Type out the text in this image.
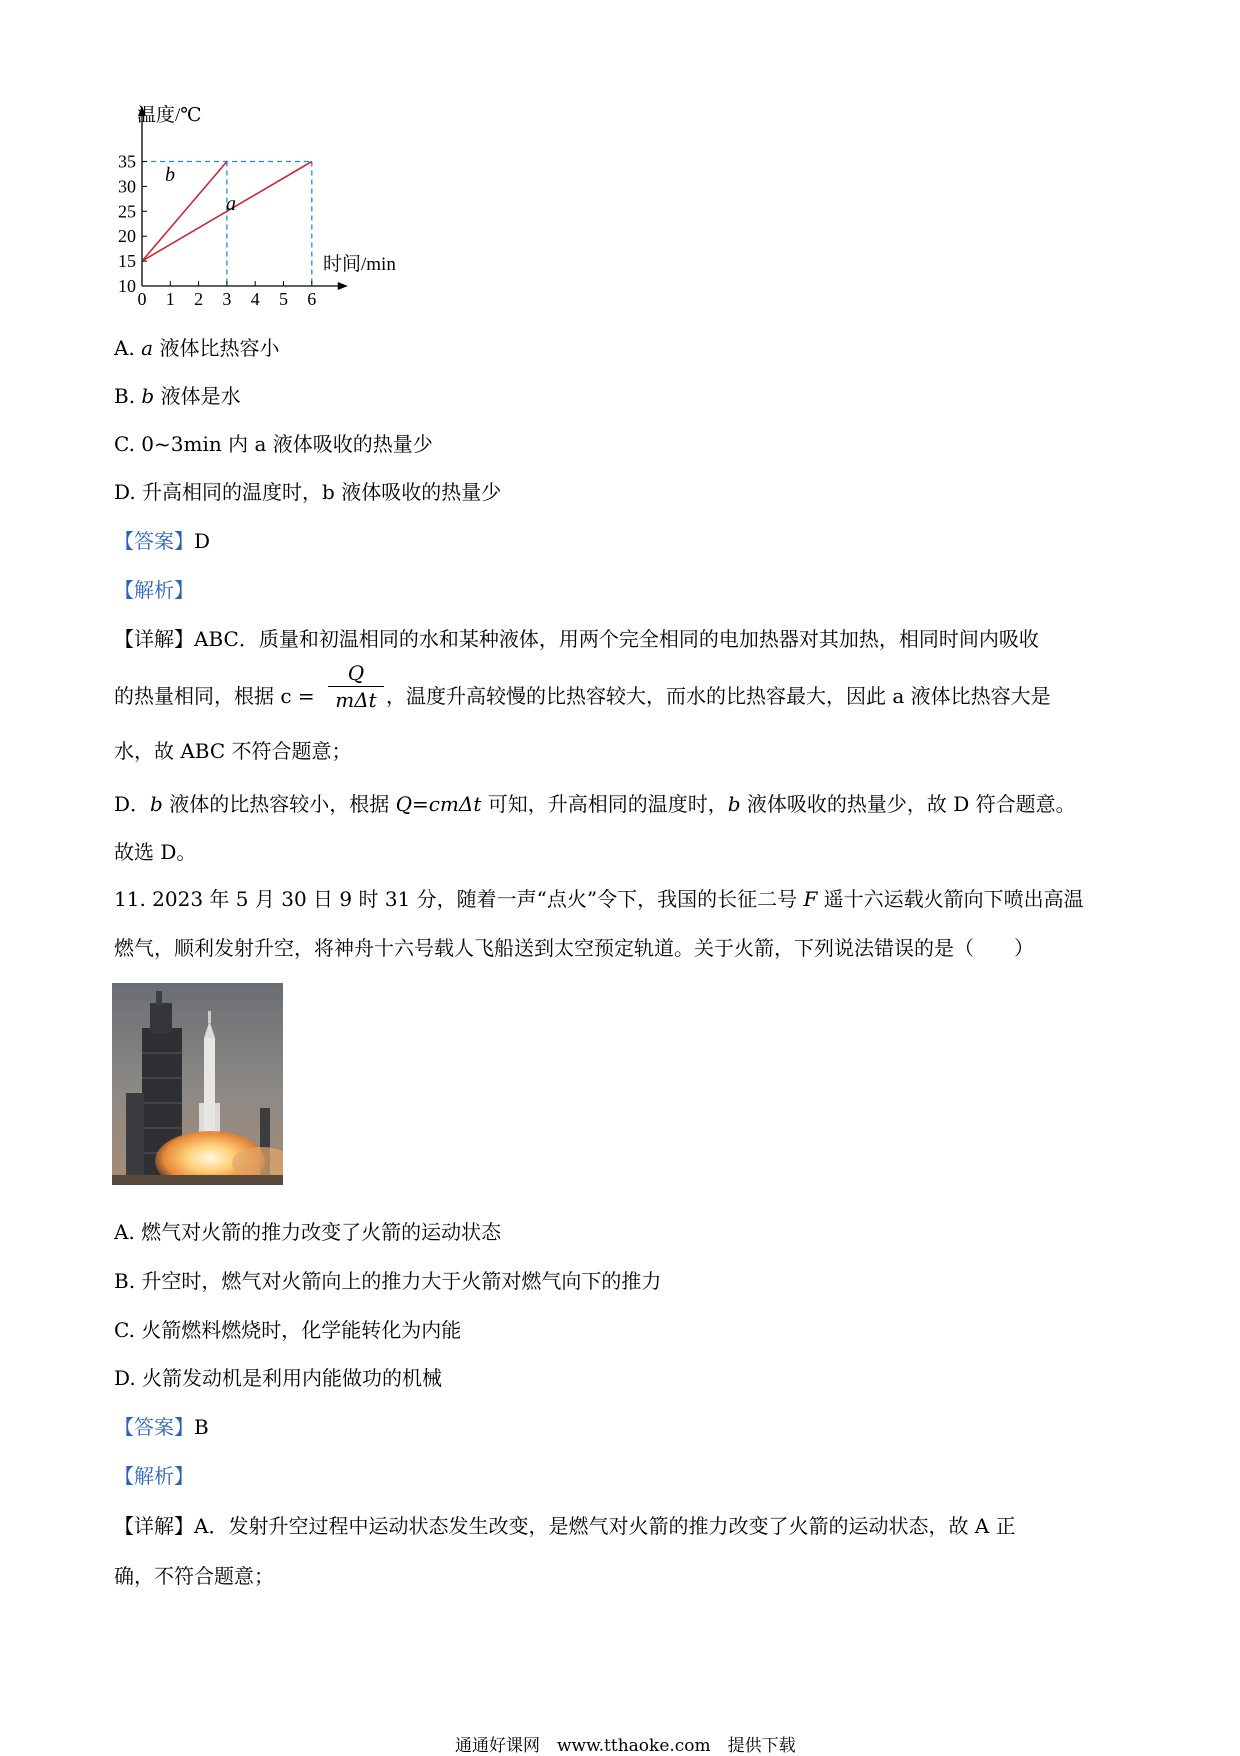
10
15
20
25
30
35
0 1 2 3 4 5 6
温度/℃
时间/min
b
a
A. a 液体比热容小
B. b 液体是水
C. 0~3min 内 a 液体吸收的热量少
D. 升高相同的温度时，b 液体吸收的热量少
【答案】D
【解析】
【详解】ABC．质量和初温相同的水和某种液体，用两个完全相同的电加热器对其加热，相同时间内吸收
的热量相同，根据 c =
Q
mΔt ，温度升高较慢的比热容较大，而水的比热容最大，因此 a 液体比热容大是
水，故 ABC 不符合题意；
D．b 液体的比热容较小，根据 Q=cmΔt 可知，升高相同的温度时，b 液体吸收的热量少，故 D 符合题意。
故选 D。
11. 2023 年 5 月 30 日 9 时 31 分，随着一声“点火”令下，我国的长征二号 F 遥十六运载火箭向下喷出高温
燃气，顺利发射升空，将神舟十六号载人飞船送到太空预定轨道。关于火箭，下列说法错误的是（　　）
A. 燃气对火箭的推力改变了火箭的运动状态
B. 升空时，燃气对火箭向上的推力大于火箭对燃气向下的推力
C. 火箭燃料燃烧时，化学能转化为内能
D. 火箭发动机是利用内能做功的机械
【答案】B
【解析】
【详解】A．发射升空过程中运动状态发生改变，是燃气对火箭的推力改变了火箭的运动状态，故 A 正
确，不符合题意；
通通好课网　www.tthaoke.com　提供下载
